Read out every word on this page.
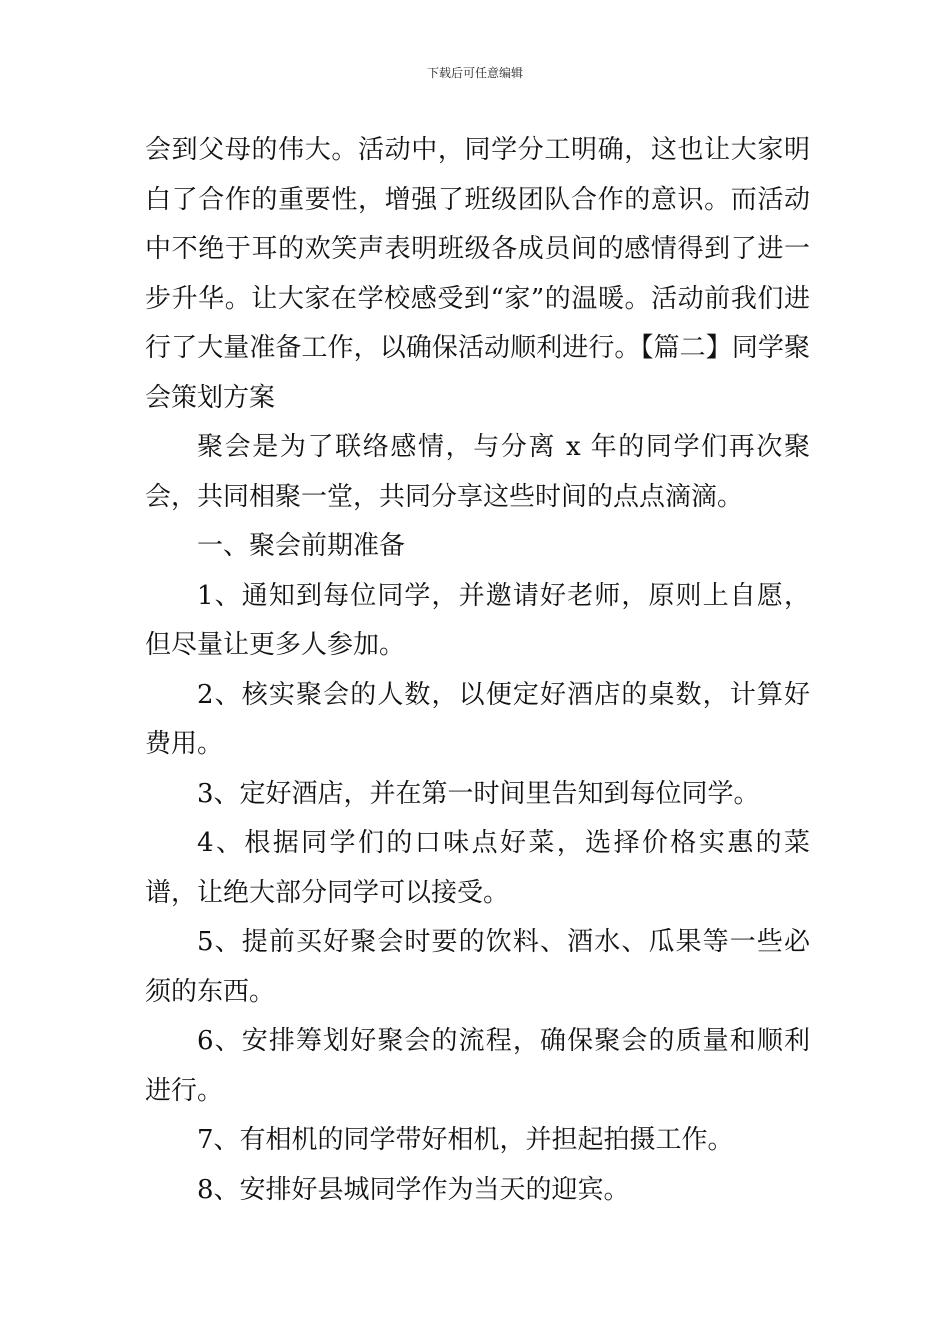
下载后可任意编辑

会到父母的伟大。活动中，同学分工明确，这也让大家明白了合作的重要性，增强了班级团队合作的意识。而活动中不绝于耳的欢笑声表明班级各成员间的感情得到了进一步升华。让大家在学校感受到“家”的温暖。活动前我们进行了大量准备工作，以确保活动顺利进行。【篇二】同学聚会策划方案

聚会是为了联络感情，与分离 x 年的同学们再次聚会，共同相聚一堂，共同分享这些时间的点点滴滴。

一、聚会前期准备

1、通知到每位同学，并邀请好老师，原则上自愿，但尽量让更多人参加。

2、核实聚会的人数，以便定好酒店的桌数，计算好费用。

3、定好酒店，并在第一时间里告知到每位同学。

4、根据同学们的口味点好菜，选择价格实惠的菜谱，让绝大部分同学可以接受。

5、提前买好聚会时要的饮料、酒水、瓜果等一些必须的东西。

6、安排筹划好聚会的流程，确保聚会的质量和顺利进行。

7、有相机的同学带好相机，并担起拍摄工作。

8、安排好县城同学作为当天的迎宾。
